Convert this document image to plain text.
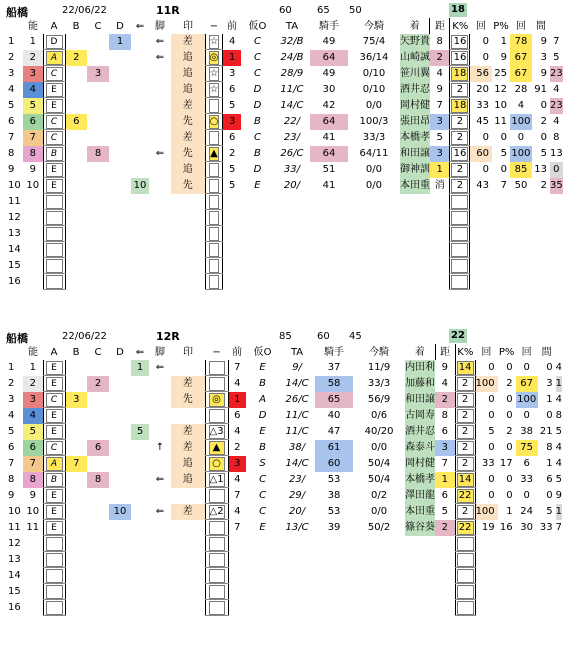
船橋	22/06/22	11R	60	65 50	18
	能	A	B	C	D	⇐	脚	印	−	前	仮O	TA	騎手	今騎	着	距	K%	回	P%	回	間	
1	1	D			1		⇐	差	☆	4	C	32/B	49	75/4	矢野貴	8	16	0	1	78	9	7
2	2	A	2				⇐	追	◎	1	C	24/B	64	36/14	山崎誠	2	16	0	9	67	3	5
3	3	C		3				追	☆	3	C	28/9	49	0/10	笹川翼	4	18	56	25	67	9	23
4	4	E						追	☆	6	D	11/C	30	0/10	酒井忍	9	2	20	12	28	91	4
5	5	E						差		5	D	14/C	42	0/0	岡村健	7	18	33	10	4	0	23
6	6	C	6					先	○	3	B	22/	64	100/3	張田昂	3	2	45	11	100	2	4
7	7	C						差		6	C	23/	41	33/3	本橋孝	5	2	0	0	0	0	8
8	8	B		8			⇐	先	▲	2	B	26/C	64	64/11	和田譲	3	16	60	5	100	5	13
9	9	E						追		5	D	33/	51	0/0	御神訓	1	2	0	0	85	13	0
10	10	E				10		先		5	E	20/	41	0/0	本田重	消	2	43	7	50	2	35
11		

12		

13		

14		

15		

16		

船橋	22/06/22	12R	85	60 45	22
	能	A	B	C	D	⇐	脚	印	−	前	仮O	TA	騎手	今騎	着	距	K%	回	P%	回	間	
1	1	E				1	⇐			7	E	9/	37	11/9	内田利	9	14	0	0	0	0	4
2	2	E		2				差		4	B	14/C	58	33/3	加藤和	4	2	100	2	67	3	1
3	3	C	3					先	◎	1	A	26/C	65	56/9	和田譲	2	2	0	0	100	1	4
4	4	E								6	D	11/C	40	0/6	古岡寿	8	2	0	0	0	0	8
5	5	E				5		差	△3	4	E	11/C	47	40/20	酒井忍	6	2	5	2	38	21	5
6	6	C		6			↑	差	▲	2	B	38/	61	0/0	森泰斗	3	2	0	0	75	8	4
7	7	A	7					追	○	3	S	14/C	60	50/4	岡村健	7	2	33	17	6	1	4
8	8	B		8			⇐	追	△1	4	C	23/	53	50/4	本橋孝	1	14	0	0	33	6	5
9	9	E								7	C	29/	38	0/2	澤田龍	6	22	0	0	0	0	9
10	10	E			10		⇐	差	△2	4	C	20/	53	0/0	本田重	5	2	100	1	24	5	1
11	11	E								7	E	13/C	39	50/2	篠谷葵	2	22	19	16	30	33	7
12		

13		

14		

15		

16		
